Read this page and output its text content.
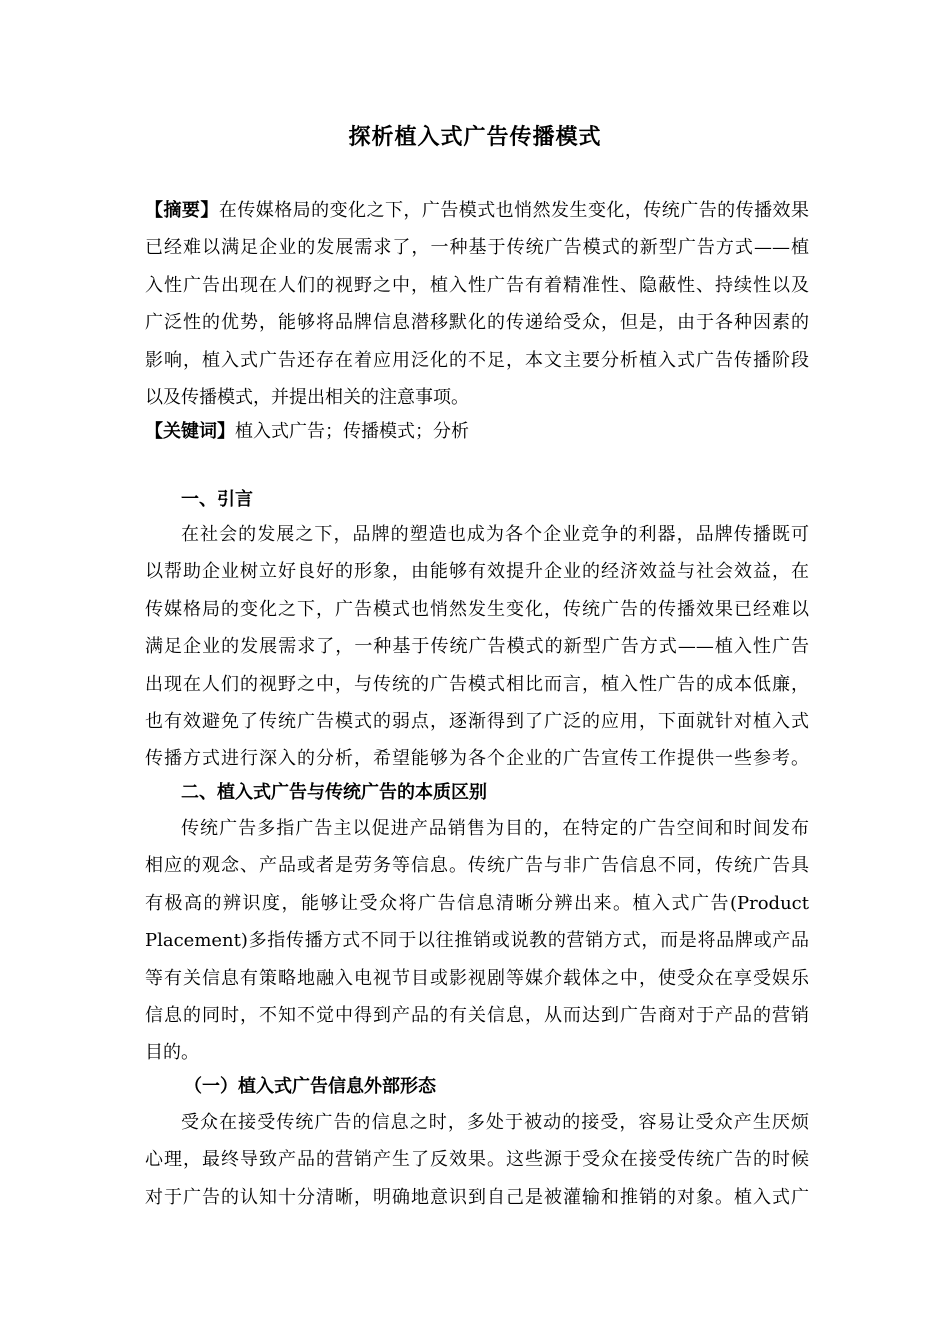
探析植入式广告传播模式
【摘要】在传媒格局的变化之下，广告模式也悄然发生变化，传统广告的传播效果
已经难以满足企业的发展需求了，一种基于传统广告模式的新型广告方式——植
入性广告出现在人们的视野之中，植入性广告有着精准性、隐蔽性、持续性以及
广泛性的优势，能够将品牌信息潜移默化的传递给受众，但是，由于各种因素的
影响，植入式广告还存在着应用泛化的不足，本文主要分析植入式广告传播阶段
以及传播模式，并提出相关的注意事项。
【关键词】植入式广告；传播模式；分析
一、引言
在社会的发展之下，品牌的塑造也成为各个企业竞争的利器，品牌传播既可
以帮助企业树立好良好的形象，由能够有效提升企业的经济效益与社会效益，在
传媒格局的变化之下，广告模式也悄然发生变化，传统广告的传播效果已经难以
满足企业的发展需求了，一种基于传统广告模式的新型广告方式——植入性广告
出现在人们的视野之中，与传统的广告模式相比而言，植入性广告的成本低廉，
也有效避免了传统广告模式的弱点，逐渐得到了广泛的应用，下面就针对植入式
传播方式进行深入的分析，希望能够为各个企业的广告宣传工作提供一些参考。
二、植入式广告与传统广告的本质区别
传统广告多指广告主以促进产品销售为目的，在特定的广告空间和时间发布
相应的观念、产品或者是劳务等信息。传统广告与非广告信息不同，传统广告具
有极高的辨识度，能够让受众将广告信息清晰分辨出来。植入式广告(Product
Placement)多指传播方式不同于以往推销或说教的营销方式，而是将品牌或产品
等有关信息有策略地融入电视节目或影视剧等媒介载体之中，使受众在享受娱乐
信息的同时，不知不觉中得到产品的有关信息，从而达到广告商对于产品的营销
目的。
（一）植入式广告信息外部形态
受众在接受传统广告的信息之时，多处于被动的接受，容易让受众产生厌烦
心理，最终导致产品的营销产生了反效果。这些源于受众在接受传统广告的时候
对于广告的认知十分清晰，明确地意识到自己是被灌输和推销的对象。植入式广
